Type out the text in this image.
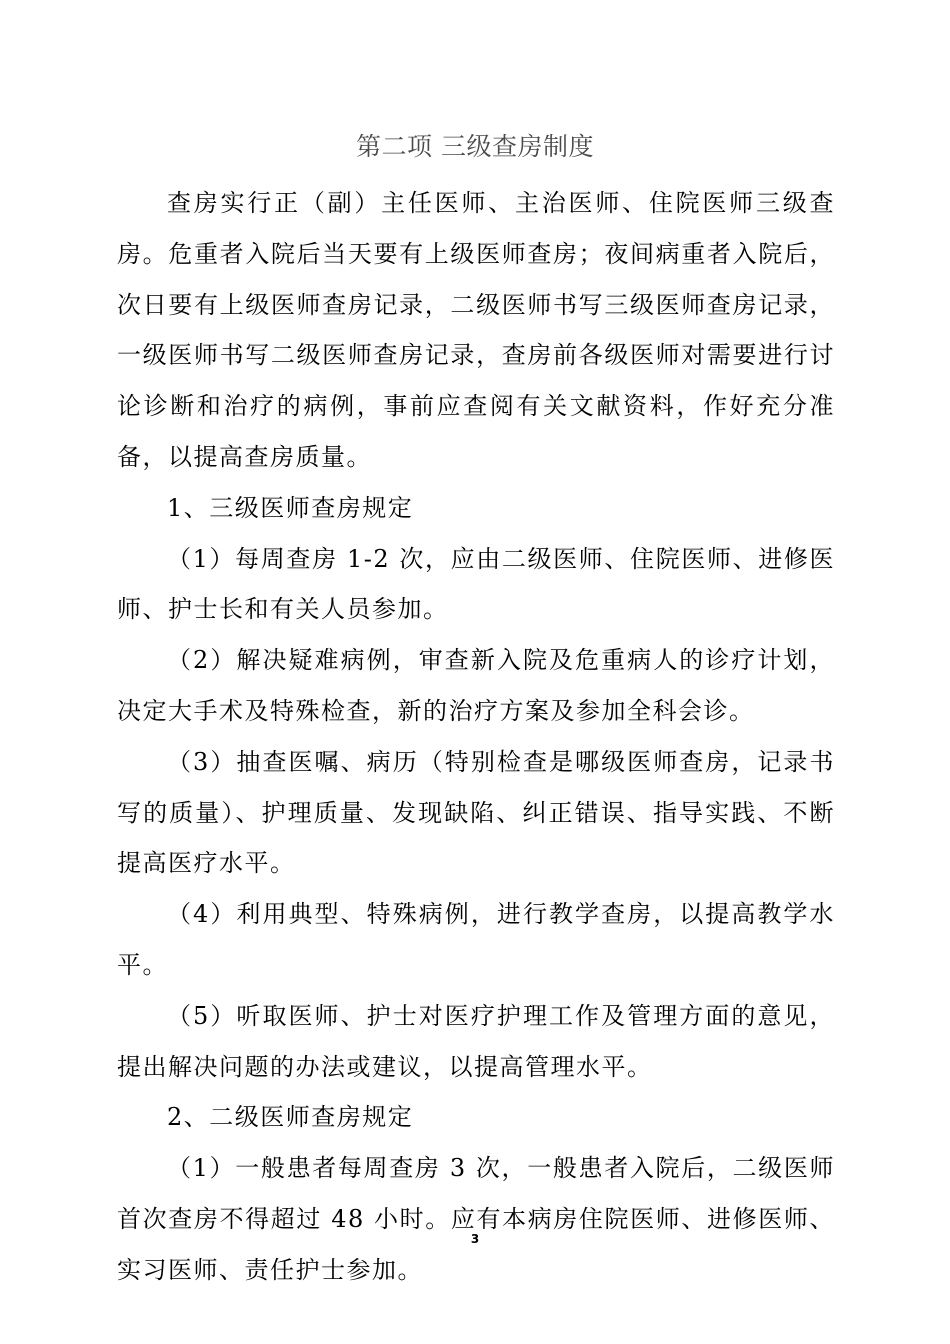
第二项 三级查房制度

查房实行正（副）主任医师、主治医师、住院医师三级查房。危重者入院后当天要有上级医师查房；夜间病重者入院后，次日要有上级医师查房记录，二级医师书写三级医师查房记录，一级医师书写二级医师查房记录，查房前各级医师对需要进行讨论诊断和治疗的病例，事前应查阅有关文献资料，作好充分准备，以提高查房质量。

1、三级医师查房规定

（1）每周查房 1-2 次，应由二级医师、住院医师、进修医师、护士长和有关人员参加。

（2）解决疑难病例，审查新入院及危重病人的诊疗计划，决定大手术及特殊检查，新的治疗方案及参加全科会诊。

（3）抽查医嘱、病历（特别检查是哪级医师查房，记录书写的质量）、护理质量、发现缺陷、纠正错误、指导实践、不断提高医疗水平。

（4）利用典型、特殊病例，进行教学查房，以提高教学水平。

（5）听取医师、护士对医疗护理工作及管理方面的意见，提出解决问题的办法或建议，以提高管理水平。

2、二级医师查房规定

（1）一般患者每周查房 3 次，一般患者入院后，二级医师首次查房不得超过 48 小时。应有本病房住院医师、进修医师、实习医师、责任护士参加。

3
